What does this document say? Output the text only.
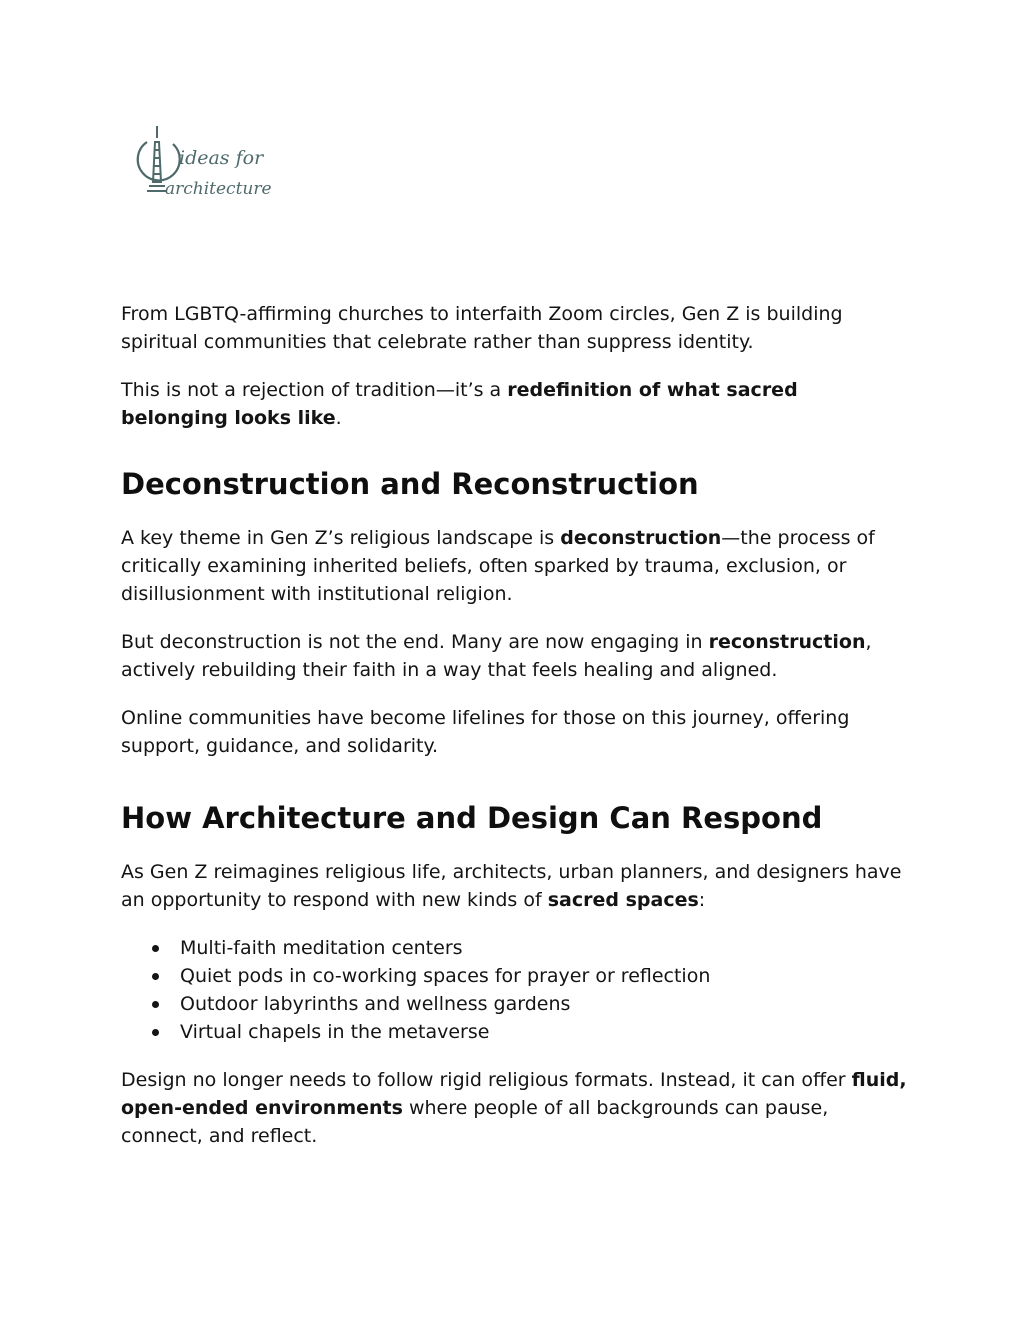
ideas for
architecture

From LGBTQ-affirming churches to interfaith Zoom circles, Gen Z is building spiritual communities that celebrate rather than suppress identity.

This is not a rejection of tradition—it’s a redefinition of what sacred belonging looks like.

Deconstruction and Reconstruction

A key theme in Gen Z’s religious landscape is deconstruction—the process of critically examining inherited beliefs, often sparked by trauma, exclusion, or disillusionment with institutional religion.

But deconstruction is not the end. Many are now engaging in reconstruction, actively rebuilding their faith in a way that feels healing and aligned.

Online communities have become lifelines for those on this journey, offering support, guidance, and solidarity.

How Architecture and Design Can Respond

As Gen Z reimagines religious life, architects, urban planners, and designers have an opportunity to respond with new kinds of sacred spaces:

Multi-faith meditation centers
Quiet pods in co-working spaces for prayer or reflection
Outdoor labyrinths and wellness gardens
Virtual chapels in the metaverse

Design no longer needs to follow rigid religious formats. Instead, it can offer fluid, open-ended environments where people of all backgrounds can pause, connect, and reflect.
